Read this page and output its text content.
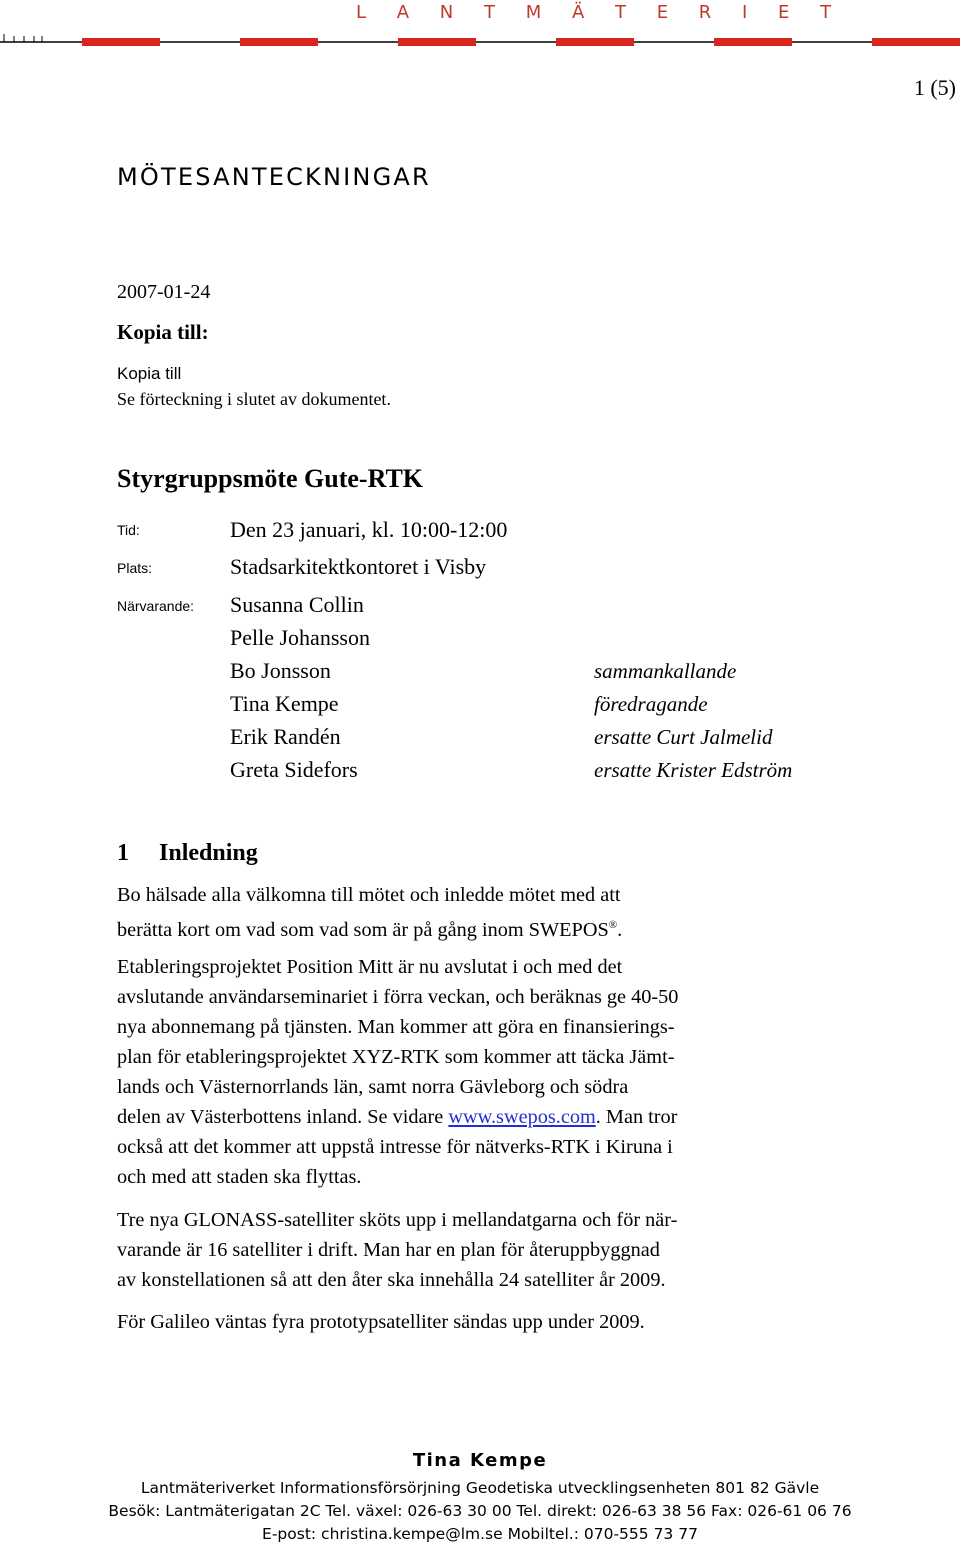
L A N T M Ä T E R I E T
1 (5)
MÖTESANTECKNINGAR
2007-01-24
Kopia till:
Kopia till
Se förteckning i slutet av dokumentet.
Styrgruppsmöte Gute-RTK
Tid:	Den 23 januari, kl. 10:00-12:00
Plats:	Stadsarkitektkontoret i Visby
Närvarande: Susanna Collin
Pelle Johansson
Bo Jonsson	sammankallande
Tina Kempe	föredragande
Erik Randén	ersatte Curt Jalmelid
Greta Sidefors	ersatte Krister Edström
1 Inledning
Bo hälsade alla välkomna till mötet och inledde mötet med att
berätta kort om vad som vad som är på gång inom SWEPOS®.
Etableringsprojektet Position Mitt är nu avslutat i och med det
avslutande användarseminariet i förra veckan, och beräknas ge 40-50
nya abonnemang på tjänsten. Man kommer att göra en finansierings-
plan för etableringsprojektet XYZ-RTK som kommer att täcka Jämt-
lands och Västernorrlands län, samt norra Gävleborg och södra
delen av Västerbottens inland. Se vidare www.swepos.com. Man tror
också att det kommer att uppstå intresse för nätverks-RTK i Kiruna i
och med att staden ska flyttas.
Tre nya GLONASS-satelliter sköts upp i mellandatgarna och för när-
varande är 16 satelliter i drift. Man har en plan för återuppbyggnad
av konstellationen så att den åter ska innehålla 24 satelliter år 2009.
För Galileo väntas fyra prototypsatelliter sändas upp under 2009.
Tina Kempe
Lantmäteriverket Informationsförsörjning Geodetiska utvecklingsenheten 801 82 Gävle
Besök: Lantmäterigatan 2C Tel. växel: 026-63 30 00 Tel. direkt: 026-63 38 56 Fax: 026-61 06 76
E-post: christina.kempe@lm.se Mobiltel.: 070-555 73 77
